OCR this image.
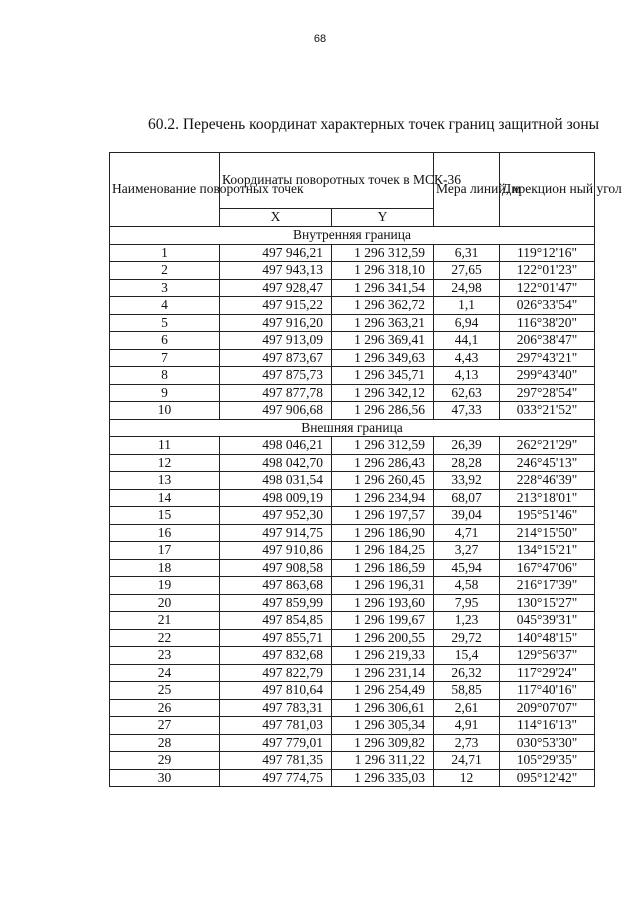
68
60.2. Перечень координат характерных точек границ защитной зоны
Наименование поворотных точек	Координаты поворотных точек в МСК-36		Мера линий, м	Дирекцион ный угол
	X	Y		
Внутренняя граница				
1	497 946,21	1 296 312,59	6,31	119°12'16"
2	497 943,13	1 296 318,10	27,65	122°01'23"
3	497 928,47	1 296 341,54	24,98	122°01'47"
4	497 915,22	1 296 362,72	1,1	026°33'54"
5	497 916,20	1 296 363,21	6,94	116°38'20"
6	497 913,09	1 296 369,41	44,1	206°38'47"
7	497 873,67	1 296 349,63	4,43	297°43'21"
8	497 875,73	1 296 345,71	4,13	299°43'40"
9	497 877,78	1 296 342,12	62,63	297°28'54"
10	497 906,68	1 296 286,56	47,33	033°21'52"
Внешняя граница				
11	498 046,21	1 296 312,59	26,39	262°21'29"
12	498 042,70	1 296 286,43	28,28	246°45'13"
13	498 031,54	1 296 260,45	33,92	228°46'39"
14	498 009,19	1 296 234,94	68,07	213°18'01"
15	497 952,30	1 296 197,57	39,04	195°51'46"
16	497 914,75	1 296 186,90	4,71	214°15'50"
17	497 910,86	1 296 184,25	3,27	134°15'21"
18	497 908,58	1 296 186,59	45,94	167°47'06"
19	497 863,68	1 296 196,31	4,58	216°17'39"
20	497 859,99	1 296 193,60	7,95	130°15'27"
21	497 854,85	1 296 199,67	1,23	045°39'31"
22	497 855,71	1 296 200,55	29,72	140°48'15"
23	497 832,68	1 296 219,33	15,4	129°56'37"
24	497 822,79	1 296 231,14	26,32	117°29'24"
25	497 810,64	1 296 254,49	58,85	117°40'16"
26	497 783,31	1 296 306,61	2,61	209°07'07"
27	497 781,03	1 296 305,34	4,91	114°16'13"
28	497 779,01	1 296 309,82	2,73	030°53'30"
29	497 781,35	1 296 311,22	24,71	105°29'35"
30	497 774,75	1 296 335,03	12	095°12'42"
